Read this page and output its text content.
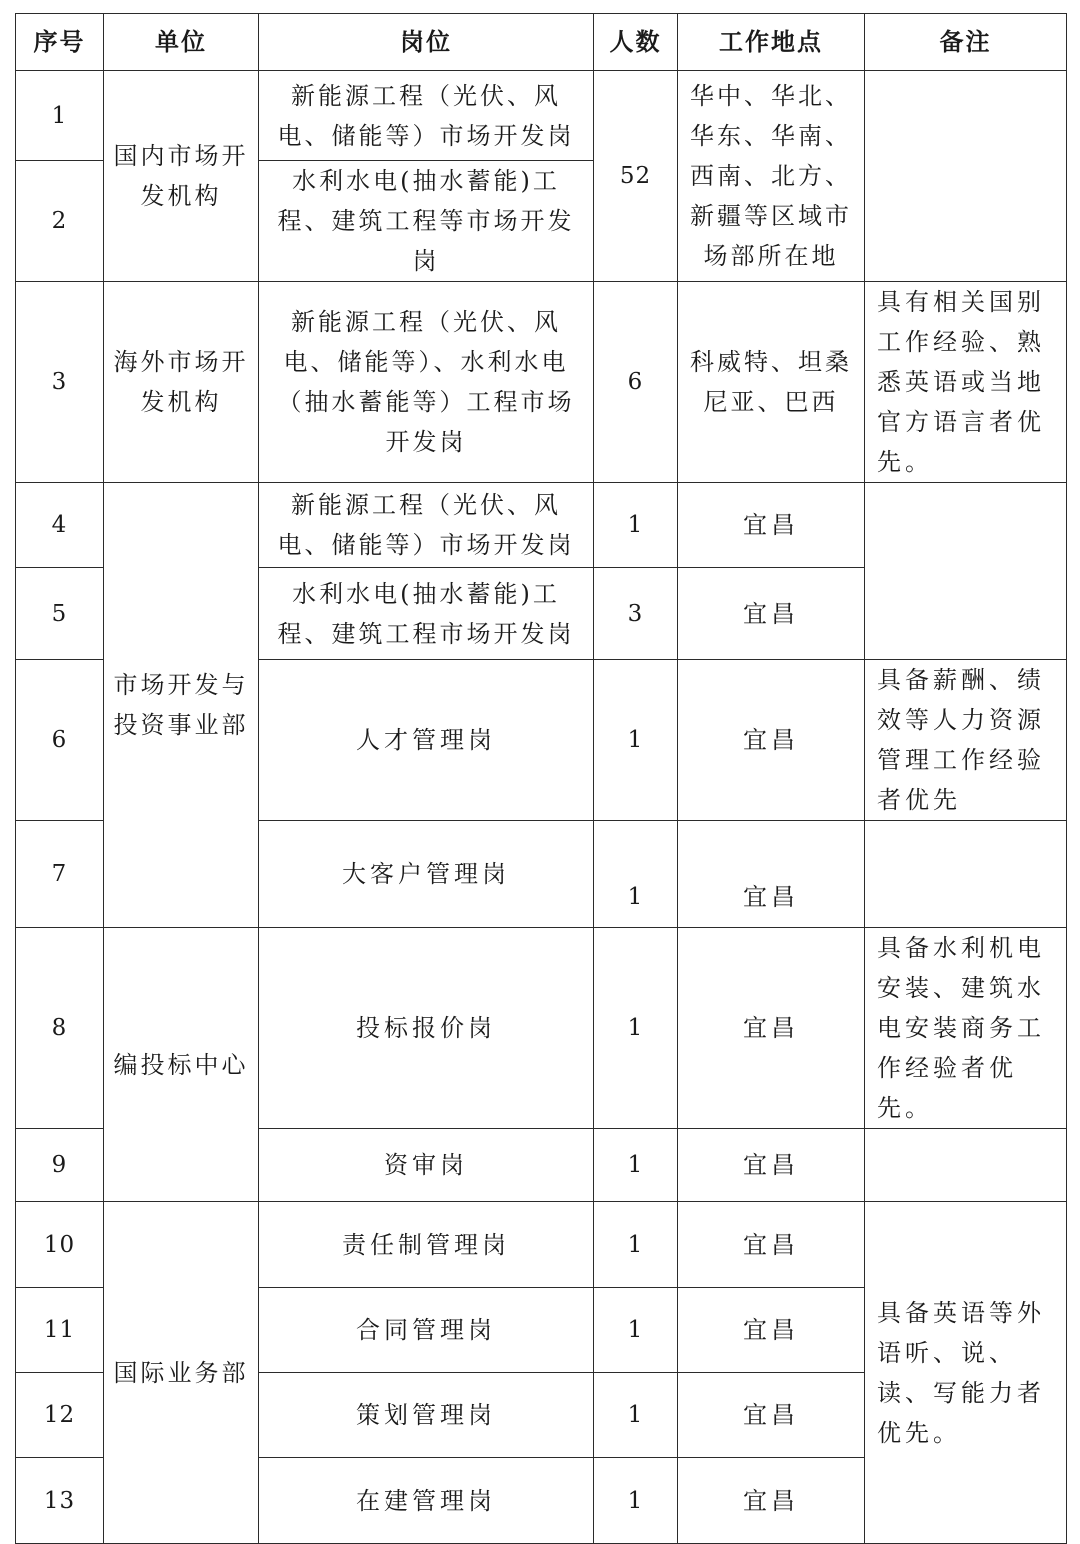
序号	单位	岗位	人数	工作地点	备注
1	国内市场开发机构	新能源工程（光伏、风电、储能等）市场开发岗	52	华中、华北、华东、华南、西南、北方、新疆等区域市场部所在地	
2		水利水电(抽水蓄能)工程、建筑工程等市场开发岗			
3	海外市场开发机构	新能源工程（光伏、风电、储能等）、水利水电（抽水蓄能等）工程市场开发岗	6	科威特、坦桑尼亚、巴西	具有相关国别工作经验、熟悉英语或当地官方语言者优先。
4	市场开发与投资事业部	新能源工程（光伏、风电、储能等）市场开发岗	1	宜昌	
5		水利水电(抽水蓄能)工程、建筑工程市场开发岗	3	宜昌	
6		人才管理岗	1	宜昌	具备薪酬、绩效等人力资源管理工作经验者优先
7		大客户管理岗	1	宜昌	
8	编投标中心	投标报价岗	1	宜昌	具备水利机电安装、建筑水电安装商务工作经验者优先。
9		资审岗	1	宜昌	
10	国际业务部	责任制管理岗	1	宜昌	具备英语等外语听、说、读、写能力者优先。
11		合同管理岗	1	宜昌	
12		策划管理岗	1	宜昌	
13		在建管理岗	1	宜昌	
